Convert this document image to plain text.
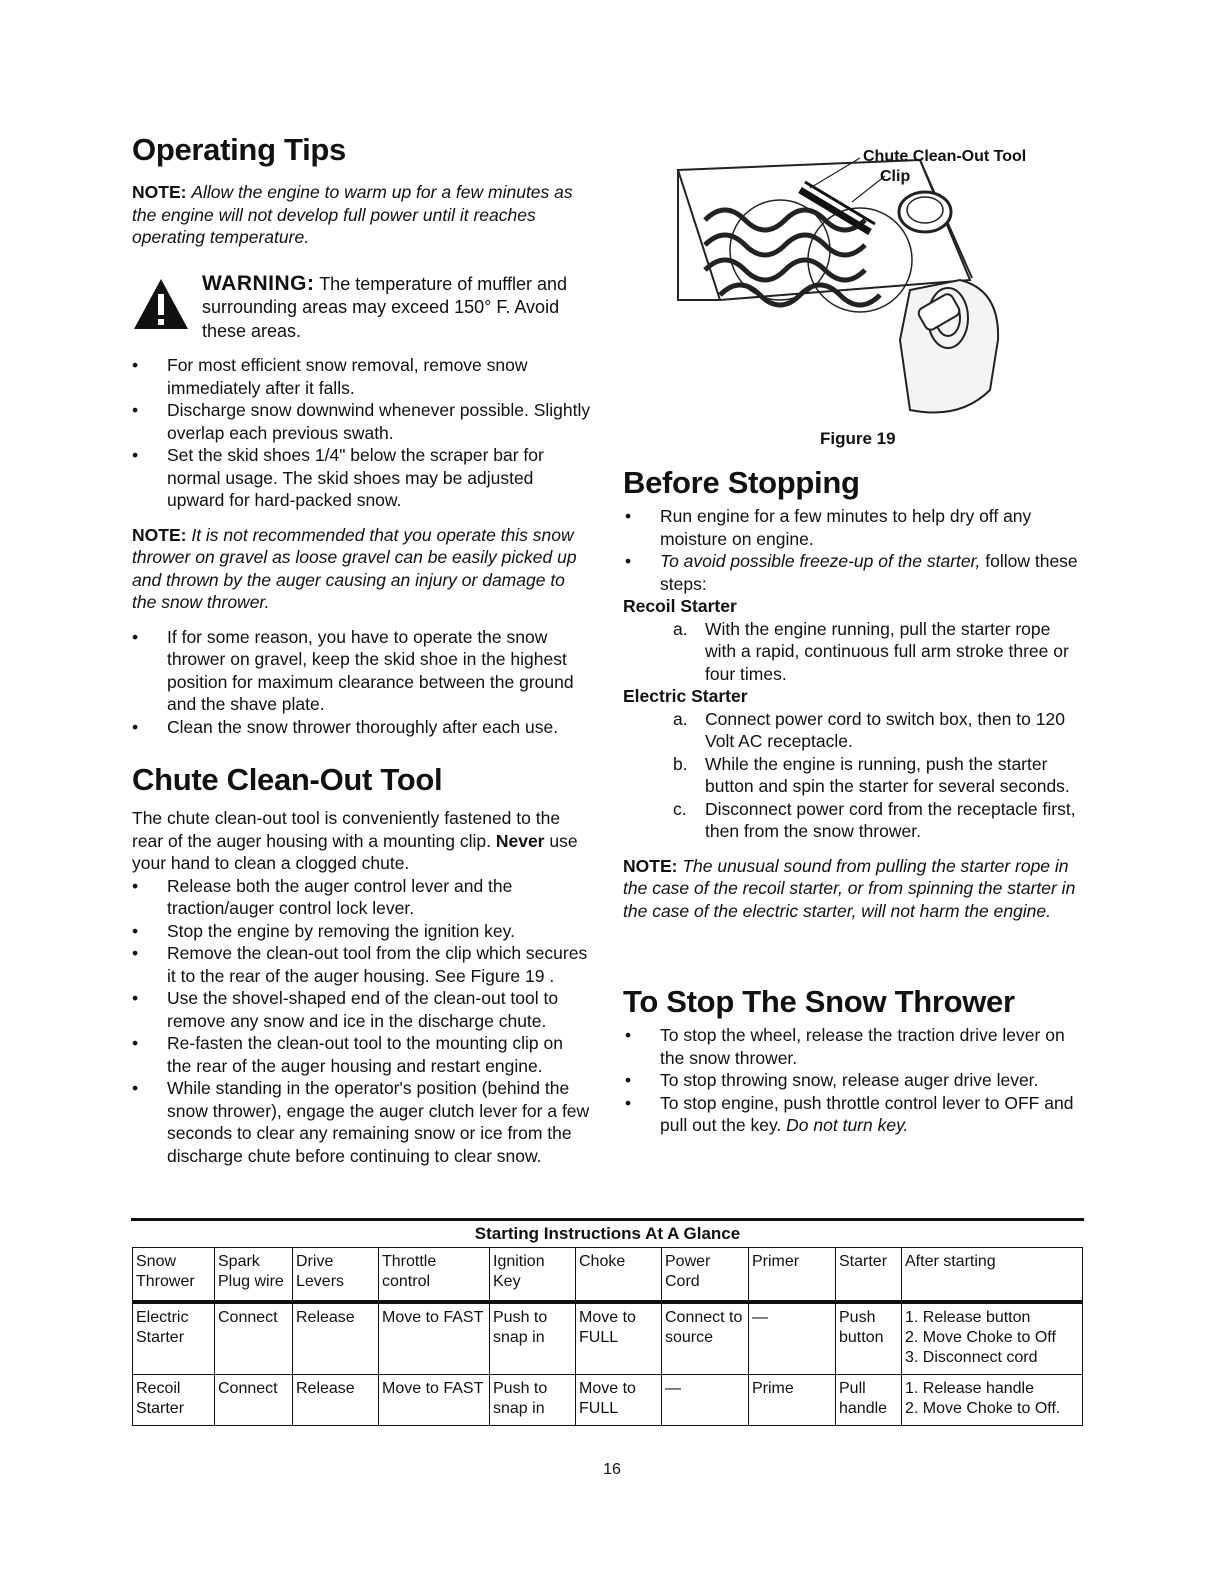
Operating Tips

NOTE: Allow the engine to warm up for a few minutes as the engine will not develop full power until it reaches operating temperature.

WARNING: The temperature of muffler and surrounding areas may exceed 150° F. Avoid these areas.

• For most efficient snow removal, remove snow immediately after it falls.
• Discharge snow downwind whenever possible. Slightly overlap each previous swath.
• Set the skid shoes 1/4" below the scraper bar for normal usage. The skid shoes may be adjusted upward for hard-packed snow.

NOTE: It is not recommended that you operate this snow thrower on gravel as loose gravel can be easily picked up and thrown by the auger causing an injury or damage to the snow thrower.

• If for some reason, you have to operate the snow thrower on gravel, keep the skid shoe in the highest position for maximum clearance between the ground and the shave plate.
• Clean the snow thrower thoroughly after each use.
Chute Clean-Out Tool

The chute clean-out tool is conveniently fastened to the rear of the auger housing with a mounting clip. Never use your hand to clean a clogged chute.

• Release both the auger control lever and the traction/auger control lock lever.
• Stop the engine by removing the ignition key.
• Remove the clean-out tool from the clip which secures it to the rear of the auger housing. See Figure 19 .
• Use the shovel-shaped end of the clean-out tool to remove any snow and ice in the discharge chute.
• Re-fasten the clean-out tool to the mounting clip on the rear of the auger housing and restart engine.
• While standing in the operator's position (behind the snow thrower), engage the auger clutch lever for a few seconds to clear any remaining snow or ice from the discharge chute before continuing to clear snow.
Chute Clean-Out Tool
Clip
Figure 19
Before Stopping
• Run engine for a few minutes to help dry off any moisture on engine.
• To avoid possible freeze-up of the starter, follow these steps:
Recoil Starter
a. With the engine running, pull the starter rope with a rapid, continuous full arm stroke three or four times.
Electric Starter
a. Connect power cord to switch box, then to 120 Volt AC receptacle.
b. While the engine is running, push the starter button and spin the starter for several seconds.
c. Disconnect power cord from the receptacle first, then from the snow thrower.

NOTE: The unusual sound from pulling the starter rope in the case of the recoil starter, or from spinning the starter in the case of the electric starter, will not harm the engine.

To Stop The Snow Thrower
• To stop the wheel, release the traction drive lever on the snow thrower.
• To stop throwing snow, release auger drive lever.
• To stop engine, push throttle control lever to OFF and pull out the key. Do not turn key.
Starting Instructions At A Glance
Snow Thrower	Spark Plug wire	Drive Levers	Throttle control	Ignition Key	Choke	Power Cord	Primer	Starter	After starting
Electric Starter	Connect	Release	Move to FAST	Push to snap in	Move to FULL	Connect to source	—	Push button	1. Release button
2. Move Choke to Off
3. Disconnect cord

Recoil Starter	Connect	Release	Move to FAST	Push to snap in	Move to FULL	—	Prime	Pull handle	1. Release handle
2. Move Choke to Off.
16
